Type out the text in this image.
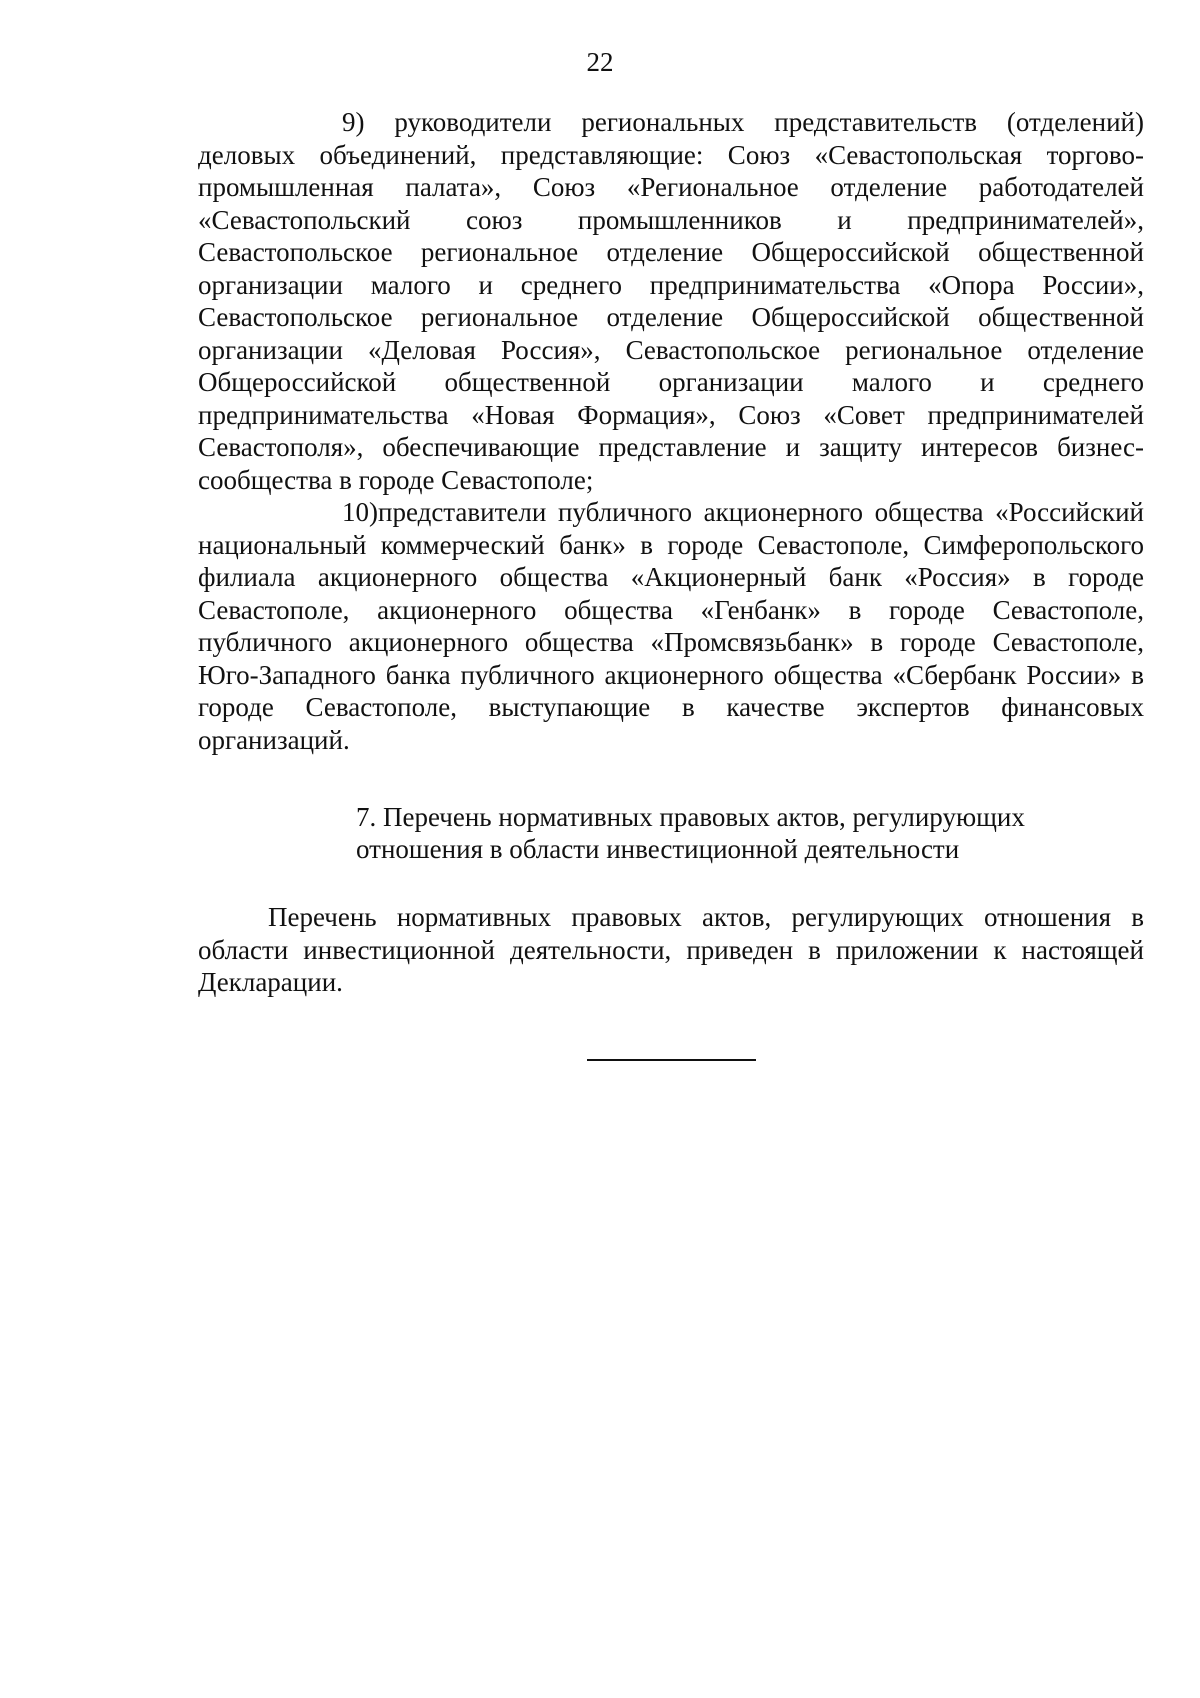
22

9) руководители региональных представительств (отделений) деловых объединений, представляющие: Союз «Севастопольская торгово-промышленная палата», Союз «Региональное отделение работодателей «Севастопольский союз промышленников и предпринимателей», Севастопольское региональное отделение Общероссийской общественной организации малого и среднего предпринимательства «Опора России», Севастопольское региональное отделение Общероссийской общественной организации «Деловая Россия», Севастопольское региональное отделение Общероссийской общественной организации малого и среднего предпринимательства «Новая Формация», Союз «Совет предпринимателей Севастополя», обеспечивающие представление и защиту интересов бизнес-сообщества в городе Севастополе;

10)представители публичного акционерного общества «Российский национальный коммерческий банк» в городе Севастополе, Симферопольского филиала акционерного общества «Акционерный банк «Россия» в городе Севастополе, акционерного общества «Генбанк» в городе Севастополе, публичного акционерного общества «Промсвязьбанк» в городе Севастополе, Юго-Западного банка публичного акционерного общества «Сбербанк России» в городе Севастополе, выступающие в качестве экспертов финансовых организаций.

7. Перечень нормативных правовых актов, регулирующих
отношения в области инвестиционной деятельности

Перечень нормативных правовых актов, регулирующих отношения в области инвестиционной деятельности, приведен в приложении к настоящей Декларации.
